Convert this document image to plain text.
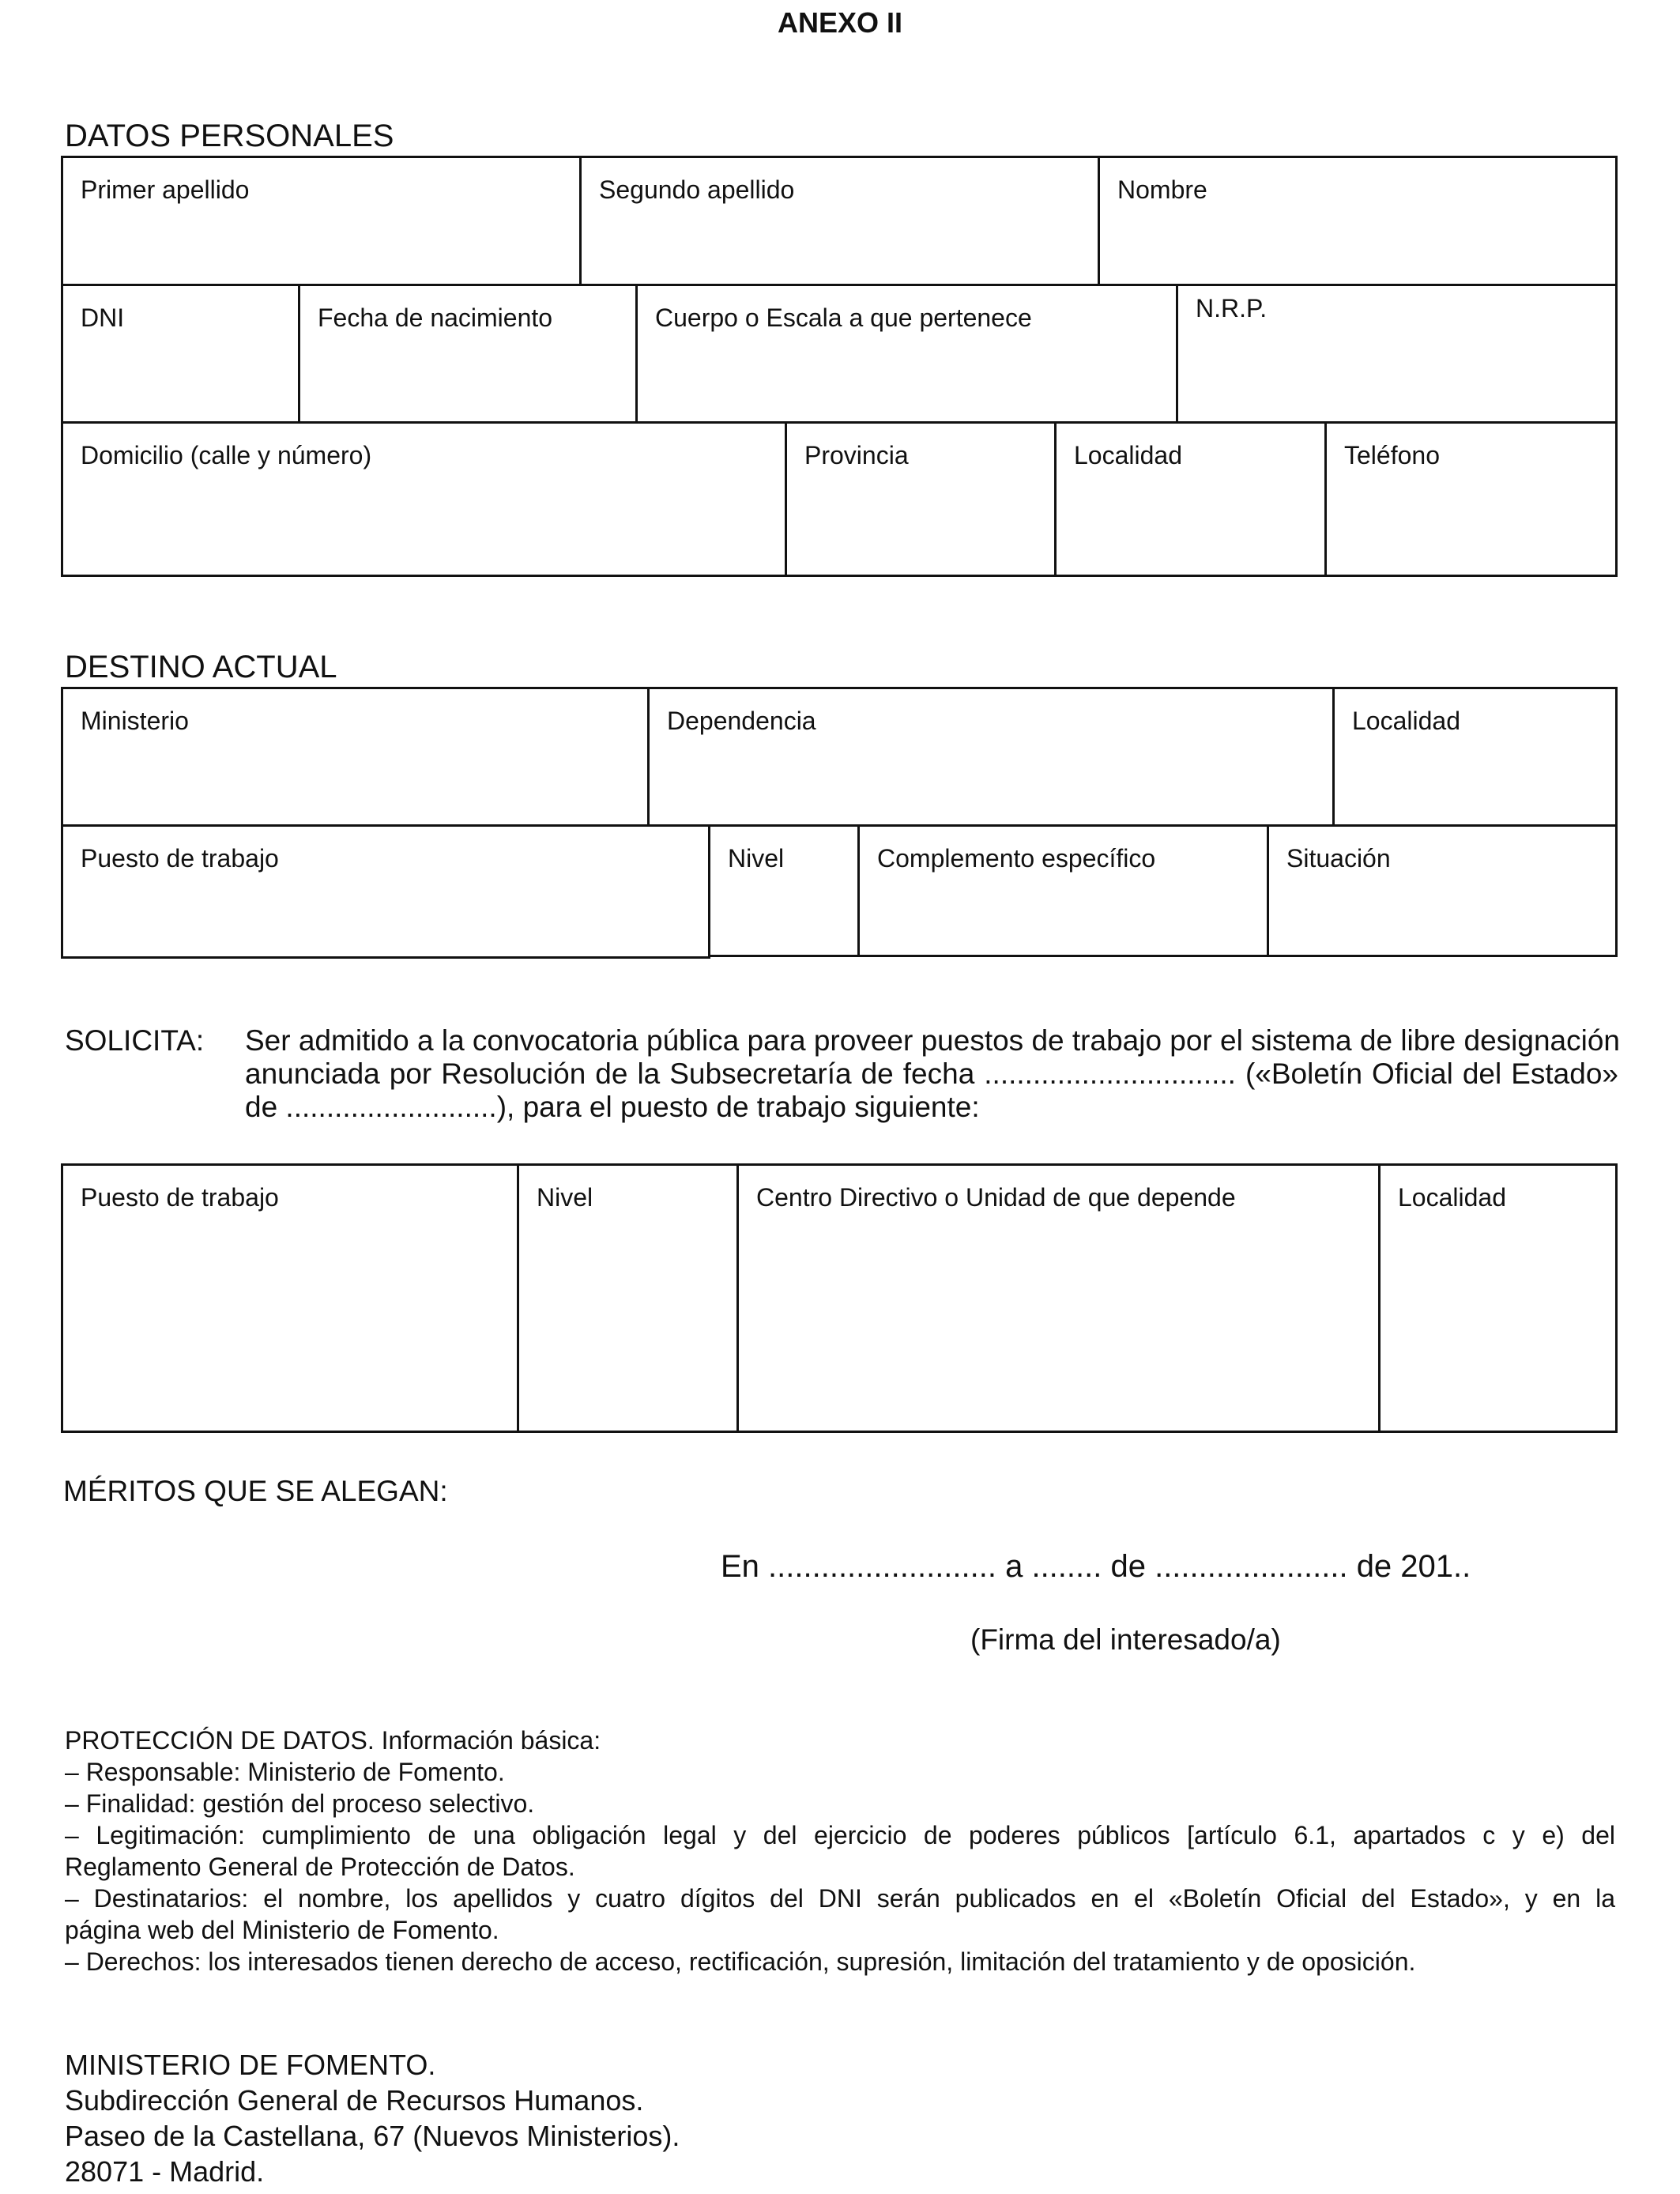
ANEXO II
DATOS PERSONALES
Primer apellido	Segundo apellido	Nombre
DNI	Fecha de nacimiento	Cuerpo o Escala a que pertenece	N.R.P.
Domicilio (calle y número)	Provincia	Localidad	Teléfono
DESTINO ACTUAL
Ministerio	Dependencia	Localidad
Puesto de trabajo	Nivel	Complemento específico	Situación
SOLICITA: Ser admitido a la convocatoria pública para proveer puestos de trabajo por el sistema de libre designación
anunciada por Resolución de la Subsecretaría de fecha ............................... («Boletín Oficial del Estado»
de ..........................), para el puesto de trabajo siguiente:
Puesto de trabajo	Nivel	Centro Directivo o Unidad de que depende	Localidad
MÉRITOS QUE SE ALEGAN:
En .......................... a ........ de ...................... de 201..
(Firma del interesado/a)
PROTECCIÓN DE DATOS. Información básica:
– Responsable: Ministerio de Fomento.
– Finalidad: gestión del proceso selectivo.
– Legitimación: cumplimiento de una obligación legal y del ejercicio de poderes públicos [artículo 6.1, apartados c y e) del
Reglamento General de Protección de Datos.
– Destinatarios: el nombre, los apellidos y cuatro dígitos del DNI serán publicados en el «Boletín Oficial del Estado», y en la
página web del Ministerio de Fomento.
– Derechos: los interesados tienen derecho de acceso, rectificación, supresión, limitación del tratamiento y de oposición.
MINISTERIO DE FOMENTO.
Subdirección General de Recursos Humanos.
Paseo de la Castellana, 67 (Nuevos Ministerios).
28071 - Madrid.
